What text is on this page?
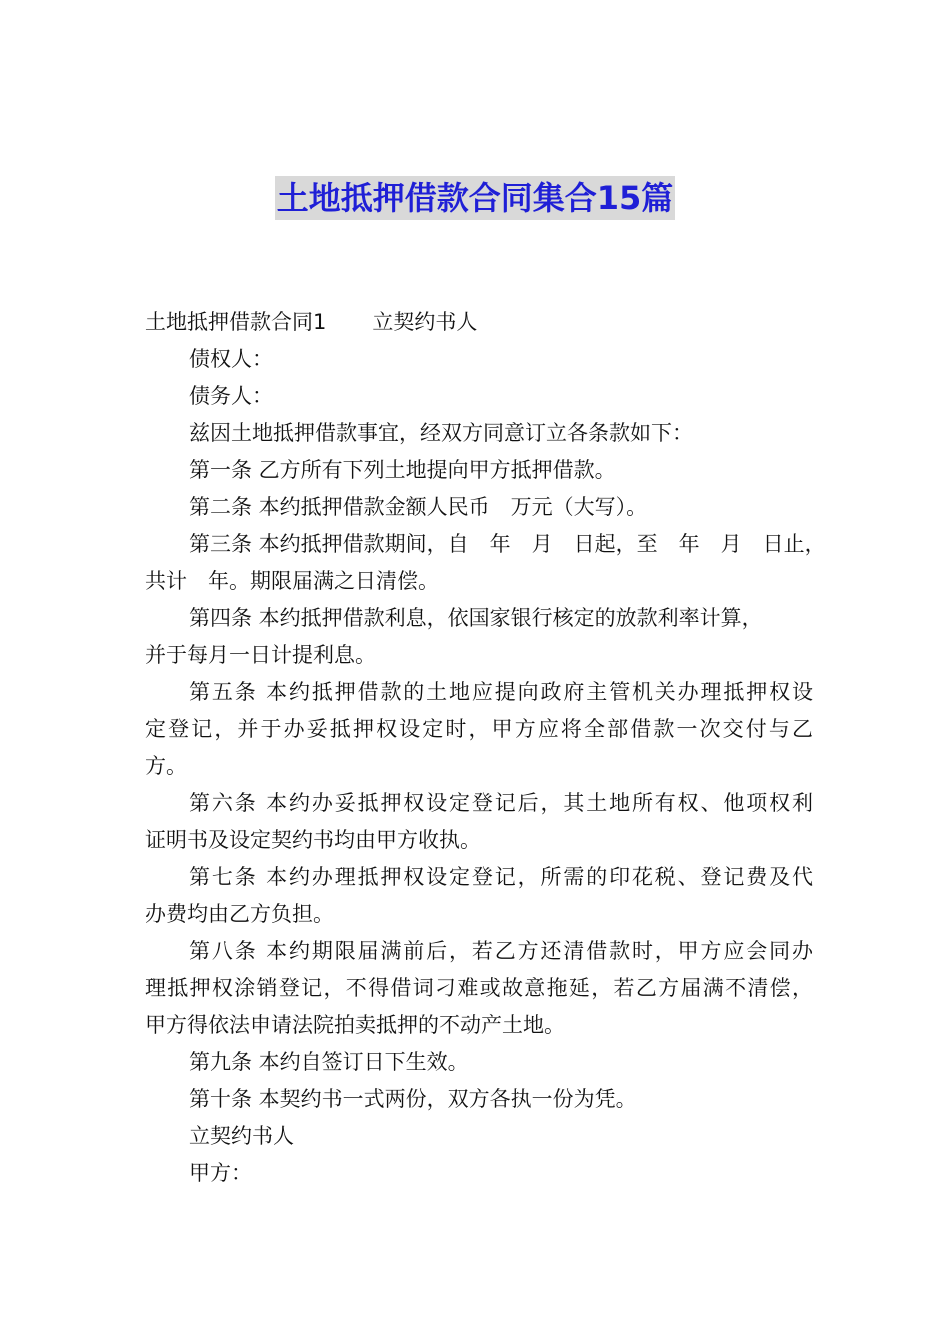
土地抵押借款合同集合15篇
土地抵押借款合同1 立契约书人
债权人：
债务人：
兹因土地抵押借款事宜，经双方同意订立各条款如下：
第一条 乙方所有下列土地提向甲方抵押借款。
第二条 本约抵押借款金额人民币　万元（大写）。
第三条 本约抵押借款期间，自　年　月　日起，至　年　月　日止，
共计　年。期限届满之日清偿。
第四条 本约抵押借款利息，依国家银行核定的放款利率计算，
并于每月一日计提利息。
第五条 本约抵押借款的土地应提向政府主管机关办理抵押权设
定登记，并于办妥抵押权设定时，甲方应将全部借款一次交付与乙
方。
第六条 本约办妥抵押权设定登记后，其土地所有权、他项权利
证明书及设定契约书均由甲方收执。
第七条 本约办理抵押权设定登记，所需的印花税、登记费及代
办费均由乙方负担。
第八条 本约期限届满前后，若乙方还清借款时，甲方应会同办
理抵押权涂销登记，不得借词刁难或故意拖延，若乙方届满不清偿，
甲方得依法申请法院拍卖抵押的不动产土地。
第九条 本约自签订日下生效。
第十条 本契约书一式两份，双方各执一份为凭。
立契约书人
甲方：
